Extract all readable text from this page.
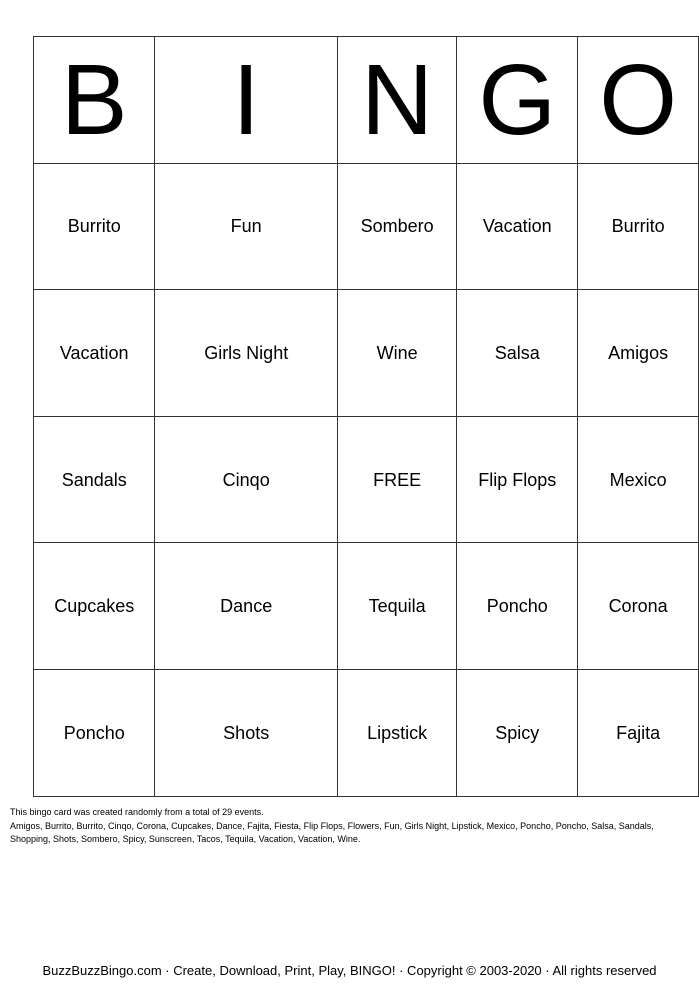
B	I	N	G	O
Burrito	Fun	Sombero	Vacation	Burrito
Vacation	Girls Night	Wine	Salsa	Amigos
Sandals	Cinqo	FREE	Flip Flops	Mexico
Cupcakes	Dance	Tequila	Poncho	Corona
Poncho	Shots	Lipstick	Spicy	Fajita
This bingo card was created randomly from a total of 29 events.
Amigos, Burrito, Burrito, Cinqo, Corona, Cupcakes, Dance, Fajita, Fiesta, Flip Flops, Flowers, Fun, Girls Night, Lipstick, Mexico, Poncho, Poncho, Salsa, Sandals, Shopping, Shots, Sombero, Spicy, Sunscreen, Tacos, Tequila, Vacation, Vacation, Wine.
BuzzBuzzBingo.com · Create, Download, Print, Play, BINGO! · Copyright © 2003-2020 · All rights reserved
